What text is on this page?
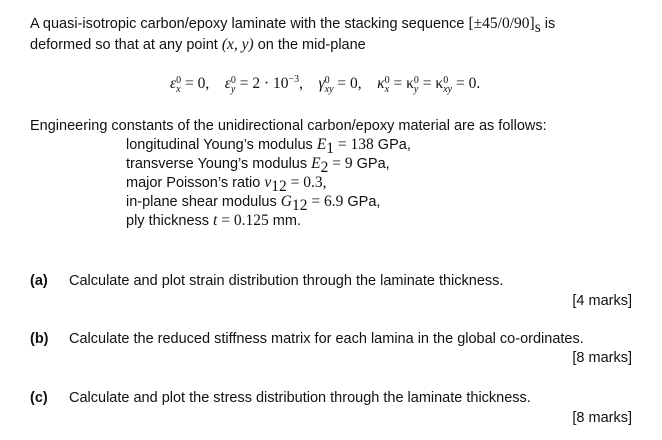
A quasi-isotropic carbon/epoxy laminate with the stacking sequence $[\pm 45/0/90]_s$ is
deformed so that at any point (x, y) on the mid-plane
ε 0
x = 0, ε 0
$y = 2 \cdot 10^{-3}$, γ 0
xy = 0, κ 0
x = κ 0
y = κ 0
xy = 0.
Engineering constants of the unidirectional carbon/epoxy material are as follows:
longitudinal Young’s modulus $E_1 = 138$ GPa,
transverse Young’s modulus $E_2 = 9$ GPa,
major Poisson’s ratio $\nu_{12} = 0.3$,
in-plane shear modulus $G_{12} = 6.9$ GPa,
ply thickness t = 0.125 mm.
(a) Calculate and plot strain distribution through the laminate thickness.
[4 marks]
(b) Calculate the reduced stiffness matrix for each lamina in the global co-ordinates.
[8 marks]
(c) Calculate and plot the stress distribution through the laminate thickness.
[8 marks]
